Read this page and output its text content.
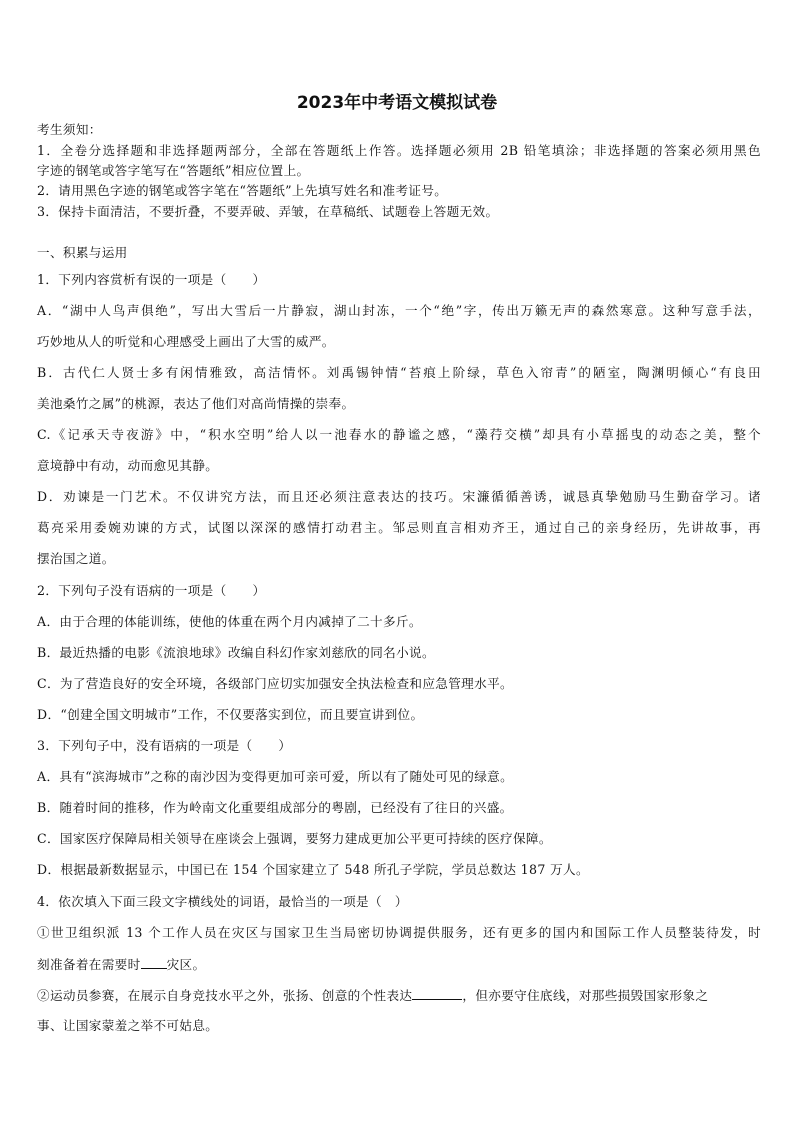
2023年中考语文模拟试卷
考生须知：
1．全卷分选择题和非选择题两部分，全部在答题纸上作答。选择题必须用 2B 铅笔填涂；非选择题的答案必须用黑色
字迹的钢笔或答字笔写在“答题纸”相应位置上。
2．请用黑色字迹的钢笔或答字笔在“答题纸”上先填写姓名和准考证号。
3．保持卡面清洁，不要折叠，不要弄破、弄皱，在草稿纸、试题卷上答题无效。
一、积累与运用
1．下列内容赏析有误的一项是（　　）
A．“湖中人鸟声俱绝”，写出大雪后一片静寂，湖山封冻，一个“绝”字，传出万籁无声的森然寒意。这种写意手法，
巧妙地从人的听觉和心理感受上画出了大雪的威严。
B．古代仁人贤士多有闲情雅致，高洁情怀。刘禹锡钟情“苔痕上阶绿，草色入帘青”的陋室，陶渊明倾心“有良田
美池桑竹之属”的桃源，表达了他们对高尚情操的崇奉。
C.《记承天寺夜游》中，“积水空明”给人以一池春水的静谧之感，“藻荇交横”却具有小草摇曳的动态之美，整个
意境静中有动，动而愈见其静。
D．劝谏是一门艺术。不仅讲究方法，而且还必须注意表达的技巧。宋濂循循善诱，诚恳真挚勉励马生勤奋学习。诸
葛亮采用委婉劝谏的方式，试图以深深的感情打动君主。邹忌则直言相劝齐王，通过自己的亲身经历，先讲故事，再
摆治国之道。
2．下列句子没有语病的一项是（　　）
A．由于合理的体能训练，使他的体重在两个月内减掉了二十多斤。
B．最近热播的电影《流浪地球》改编自科幻作家刘慈欣的同名小说。
C．为了营造良好的安全环境，各级部门应切实加强安全执法检查和应急管理水平。
D．“创建全国文明城市”工作，不仅要落实到位，而且要宣讲到位。
3．下列句子中，没有语病的一项是（　　）
A．具有“滨海城市”之称的南沙因为变得更加可亲可爱，所以有了随处可见的绿意。
B．随着时间的推移，作为岭南文化重要组成部分的粤剧，已经没有了往日的兴盛。
C．国家医疗保障局相关领导在座谈会上强调，要努力建成更加公平更可持续的医疗保障。
D．根据最新数据显示，中国已在 154 个国家建立了 548 所孔子学院，学员总数达 187 万人。
4．依次填入下面三段文字横线处的词语，最恰当的一项是（　）
①世卫组织派 13 个工作人员在灾区与国家卫生当局密切协调提供服务，还有更多的国内和国际工作人员整装待发，时
刻准备着在需要时 灾区。
②运动员参赛，在展示自身竞技水平之外，张扬、创意的个性表达	，但亦要守住底线，对那些损毁国家形象之
事、让国家蒙羞之举不可姑息。
